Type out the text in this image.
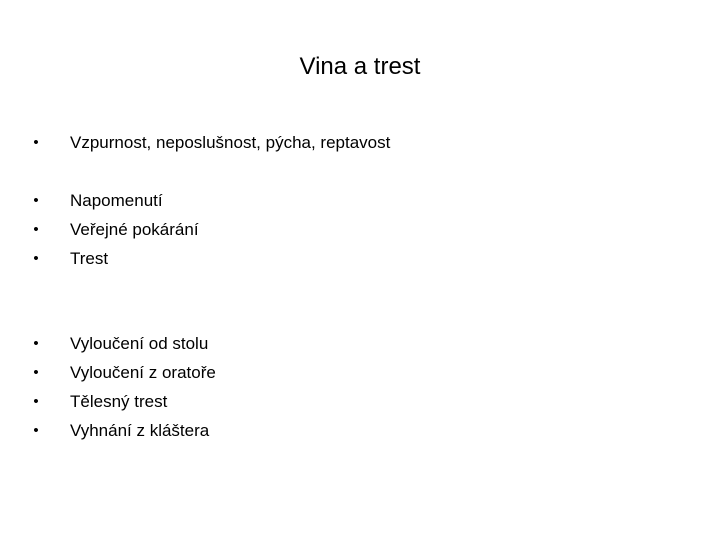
Vina a trest
• Vzpurnost, neposlušnost, pýcha, reptavost
• Napomenutí
• Veřejné pokárání
• Trest
• Vyloučení od stolu
• Vyloučení z oratoře
• Tělesný trest
• Vyhnání z kláštera
